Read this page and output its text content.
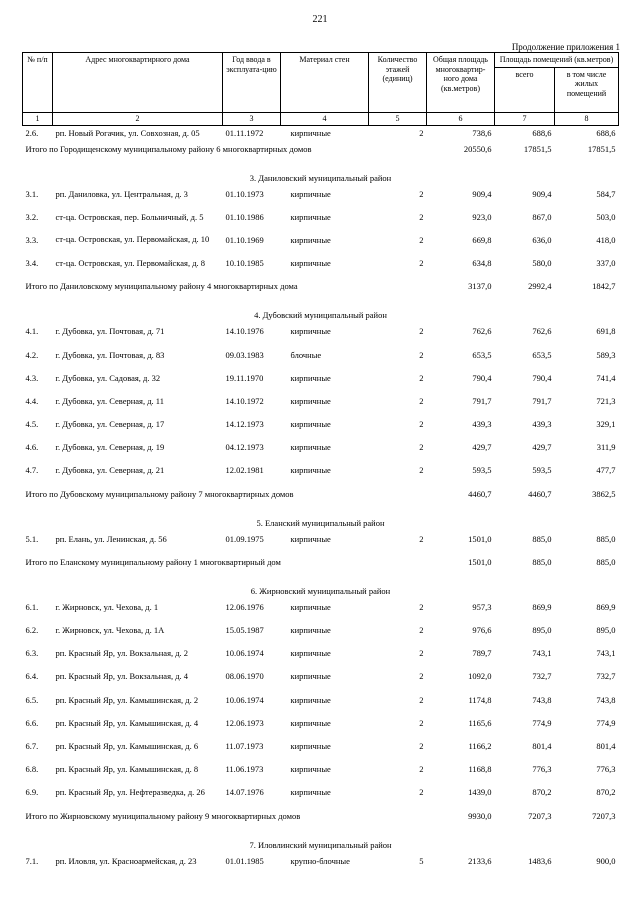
221
Продолжение приложения 1
№ п/п	Адрес многоквартирного дома	Год ввода в эксплуата-цию	Материал стен	Количество этажей (единиц)	Общая площадь многоквартир-ного дома (кв.метров)	Площадь помещений (кв.метров)	
						всего	в том числе жилых помещений
1	2	3	4	5	6	7	8
2.6.	рп. Новый Рогачик, ул. Совхозная, д. 05	01.11.1972	кирпичные	2	738,6	688,6	688,6
Итого по Городищенскому муниципальному району 6 многоквартирных домов					20550,6	17851,5	17851,5
3. Даниловский муниципальный район							
3.1.	рп. Даниловка, ул. Центральная, д. 3	01.10.1973	кирпичные	2	909,4	909,4	584,7
3.2.	ст-ца. Островская, пер. Больничный, д. 5	01.10.1986	кирпичные	2	923,0	867,0	503,0
3.3.	ст-ца. Островская, ул. Первомайская, д. 10	01.10.1969	кирпичные	2	669,8	636,0	418,0
3.4.	ст-ца. Островская, ул. Первомайская, д. 8	10.10.1985	кирпичные	2	634,8	580,0	337,0
Итого по Даниловскому муниципальному району 4 многоквартирных дома					3137,0	2992,4	1842,7
4. Дубовский муниципальный район							
4.1.	г. Дубовка, ул. Почтовая, д. 71	14.10.1976	кирпичные	2	762,6	762,6	691,8
4.2.	г. Дубовка, ул. Почтовая, д. 83	09.03.1983	блочные	2	653,5	653,5	589,3
4.3.	г. Дубовка, ул. Садовая, д. 32	19.11.1970	кирпичные	2	790,4	790,4	741,4
4.4.	г. Дубовка, ул. Северная, д. 11	14.10.1972	кирпичные	2	791,7	791,7	721,3
4.5.	г. Дубовка, ул. Северная, д. 17	14.12.1973	кирпичные	2	439,3	439,3	329,1
4.6.	г. Дубовка, ул. Северная, д. 19	04.12.1973	кирпичные	2	429,7	429,7	311,9
4.7.	г. Дубовка, ул. Северная, д. 21	12.02.1981	кирпичные	2	593,5	593,5	477,7
Итого по Дубовскому муниципальному району 7 многоквартирных домов					4460,7	4460,7	3862,5
5. Еланский муниципальный район							
5.1.	рп. Елань, ул. Ленинская, д. 56	01.09.1975	кирпичные	2	1501,0	885,0	885,0
Итого по Еланскому муниципальному району 1 многоквартирный дом					1501,0	885,0	885,0
6. Жирновский муниципальный район							
6.1.	г. Жирновск, ул. Чехова, д. 1	12.06.1976	кирпичные	2	957,3	869,9	869,9
6.2.	г. Жирновск, ул. Чехова, д. 1А	15.05.1987	кирпичные	2	976,6	895,0	895,0
6.3.	рп. Красный Яр, ул. Вокзальная, д. 2	10.06.1974	кирпичные	2	789,7	743,1	743,1
6.4.	рп. Красный Яр, ул. Вокзальная, д. 4	08.06.1970	кирпичные	2	1092,0	732,7	732,7
6.5.	рп. Красный Яр, ул. Камышинская, д. 2	10.06.1974	кирпичные	2	1174,8	743,8	743,8
6.6.	рп. Красный Яр, ул. Камышинская, д. 4	12.06.1973	кирпичные	2	1165,6	774,9	774,9
6.7.	рп. Красный Яр, ул. Камышинская, д. 6	11.07.1973	кирпичные	2	1166,2	801,4	801,4
6.8.	рп. Красный Яр, ул. Камышинская, д. 8	11.06.1973	кирпичные	2	1168,8	776,3	776,3
6.9.	рп. Красный Яр, ул. Нефтеразведка, д. 26	14.07.1976	кирпичные	2	1439,0	870,2	870,2
Итого по Жирновскому муниципальному району 9 многоквартирных домов					9930,0	7207,3	7207,3
7. Иловлинский муниципальный район							
7.1.	рп. Иловля, ул. Красноармейская, д. 23	01.01.1985	крупно-блочные	5	2133,6	1483,6	900,0
